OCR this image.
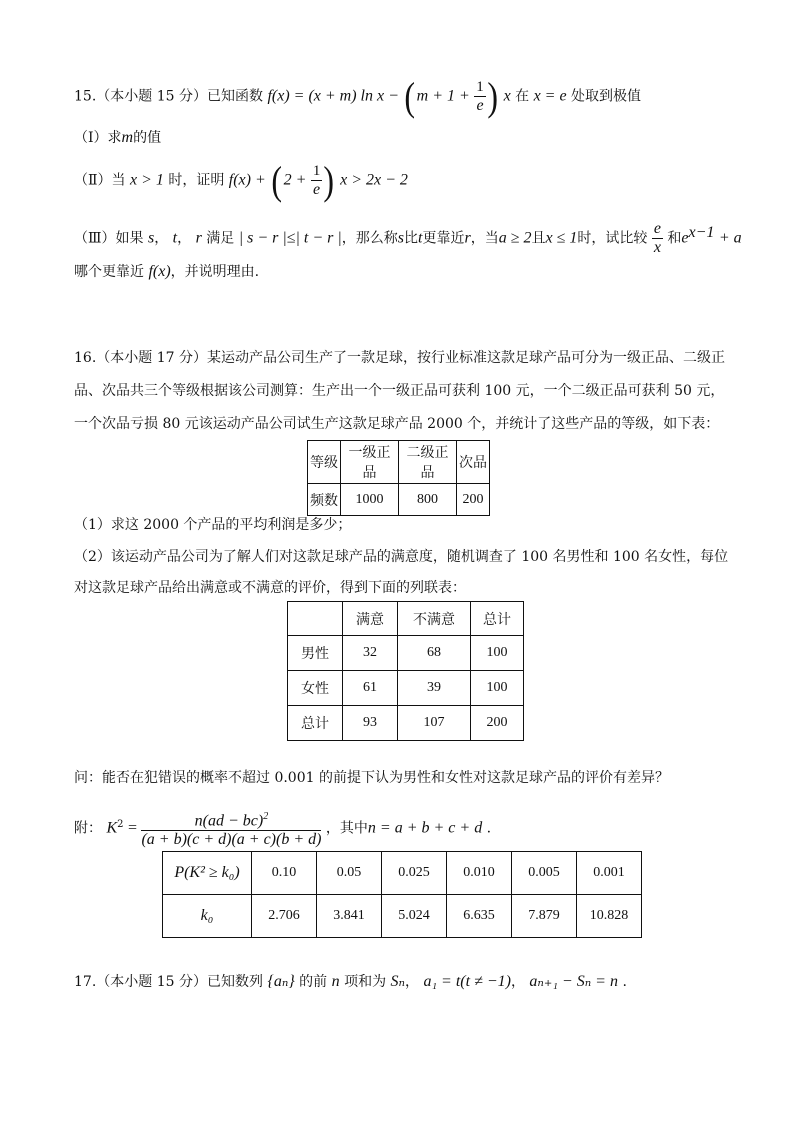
15.（本小题 15 分）已知函数 f(x) = (x + m) $\ln x - (m + 1 + \frac{1}{e}$ ) x 在 x = e 处取到极值
（Ⅰ）求m的值
（Ⅱ）当 x > 1 时，证明 $f(x) + (2 + \frac{1}{e}$ ) x > 2x − 2
（Ⅲ）如果 s， t， r 满足 | s − r |≤| t − r |，那么称s比t更靠近r，当a ≥ 2且x ≤ 1时，试比较 $\frac{e}{x}$ 和$e^{x-1} + a$
哪个更靠近 f(x)，并说明理由.
16.（本小题 17 分）某运动产品公司生产了一款足球，按行业标准这款足球产品可分为一级正品、二级正
品、次品共三个等级根据该公司测算：生产出一个一级正品可获利 100 元，一个二级正品可获利 50 元，
一个次品亏损 80 元该运动产品公司试生产这款足球产品 2000 个，并统计了这些产品的等级，如下表：
等级	一级正品	二级正品	次品
频数	1000	800	200
（1）求这 2000 个产品的平均利润是多少；
（2）该运动产品公司为了解人们对这款足球产品的满意度，随机调查了 100 名男性和 100 名女性，每位
对这款足球产品给出满意或不满意的评价，得到下面的列联表：
	满意	不满意	总计
男性	32	68	100
女性	61	39	100
总计	93	107	200
问：能否在犯错误的概率不超过 0.001 的前提下认为男性和女性对这款足球产品的评价有差异？
附： $K^2 = \frac{n(ad - bc)^2}{(a + b)(c + d)(a + c)(b + d)}$ ，其中n = a + b + c + d .
P(K² ≥ k₀)	0.10	0.05	0.025	0.010	0.005	0.001
k₀	2.706	3.841	5.024	6.635	7.879	10.828
17.（本小题 15 分）已知数列 {aₙ} 的前 n 项和为 Sₙ， a₁ = t(t ≠ −1)， aₙ₊₁ − Sₙ = n .
